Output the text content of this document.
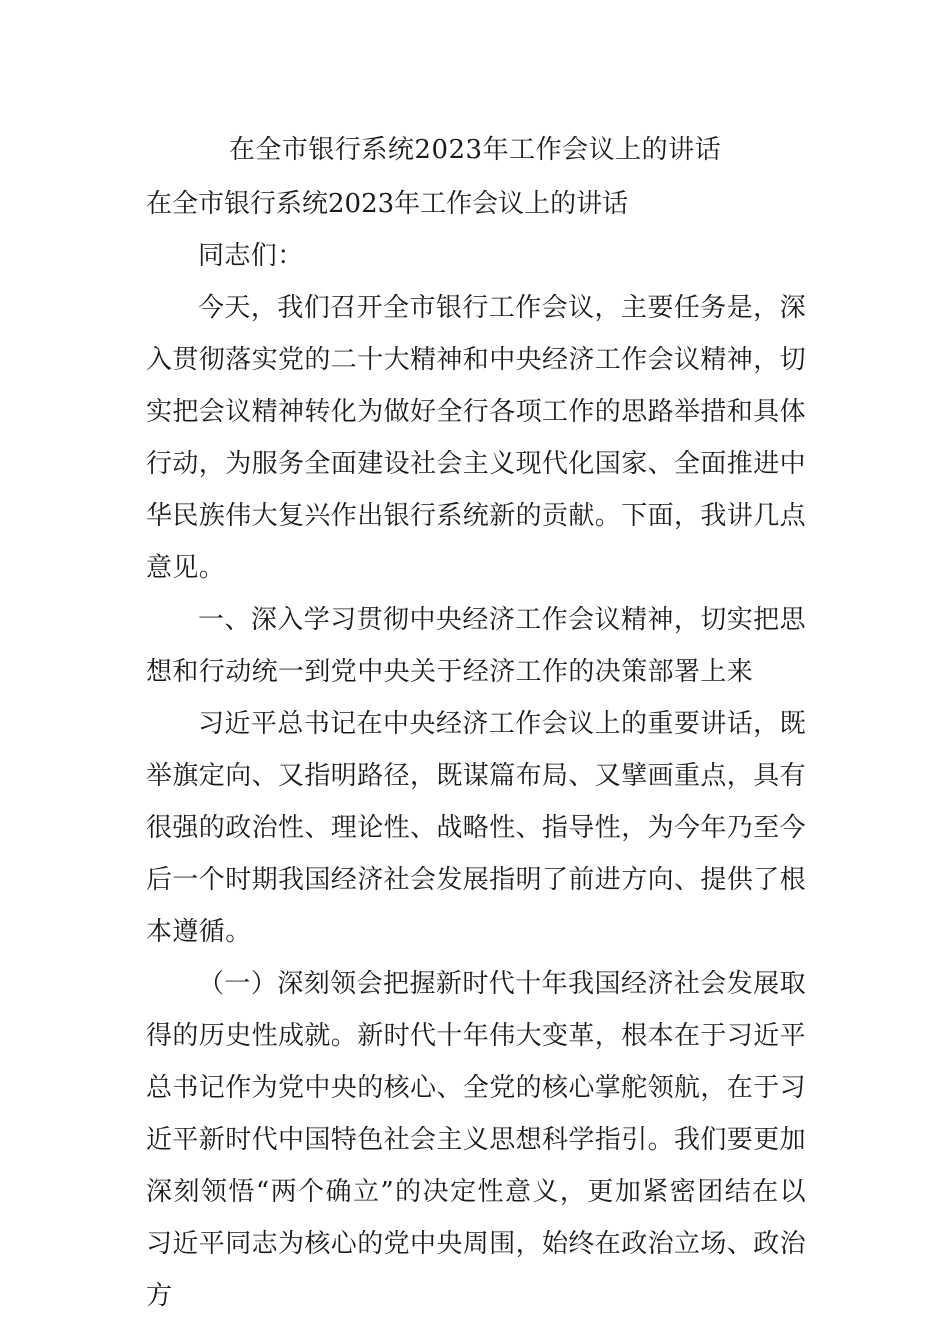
在全市银行系统2023年工作会议上的讲话

在全市银行系统2023年工作会议上的讲话

同志们：

今天，我们召开全市银行工作会议，主要任务是，深入贯彻落实党的二十大精神和中央经济工作会议精神，切实把会议精神转化为做好全行各项工作的思路举措和具体行动，为服务全面建设社会主义现代化国家、全面推进中华民族伟大复兴作出银行系统新的贡献。下面，我讲几点意见。

一、深入学习贯彻中央经济工作会议精神，切实把思想和行动统一到党中央关于经济工作的决策部署上来

习近平总书记在中央经济工作会议上的重要讲话，既举旗定向、又指明路径，既谋篇布局、又擘画重点，具有很强的政治性、理论性、战略性、指导性，为今年乃至今后一个时期我国经济社会发展指明了前进方向、提供了根本遵循。

（一）深刻领会把握新时代十年我国经济社会发展取得的历史性成就。新时代十年伟大变革，根本在于习近平总书记作为党中央的核心、全党的核心掌舵领航，在于习近平新时代中国特色社会主义思想科学指引。我们要更加深刻领悟“两个确立”的决定性意义，更加紧密团结在以习近平同志为核心的党中央周围，始终在政治立场、政治方
